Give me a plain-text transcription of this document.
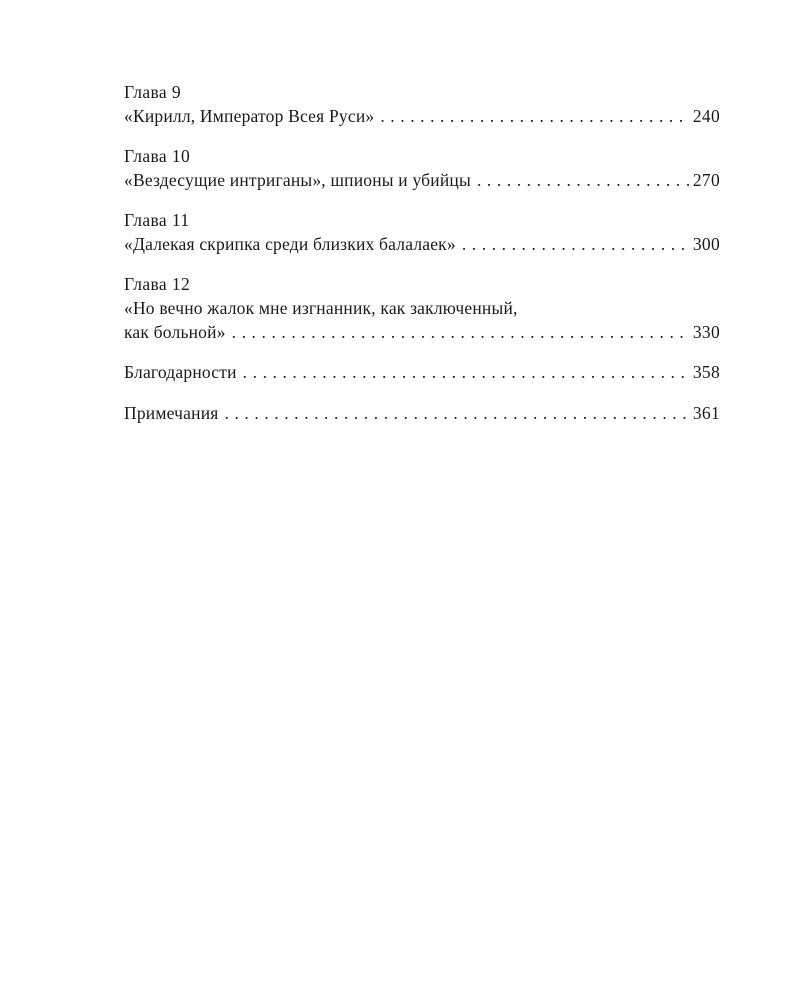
Глава 9
«Кирилл, Император Всея Руси» . . .	240
Глава 10
«Вездесущие интриганы», шпионы и убийцы . . .	270
Глава 11
«Далекая скрипка среди близких балалаек» . . .	300
Глава 12
«Но вечно жалок мне изгнанник, как заключенный,
как больной» . . .	330
Благодарности . . .	358
Примечания . . .	361
